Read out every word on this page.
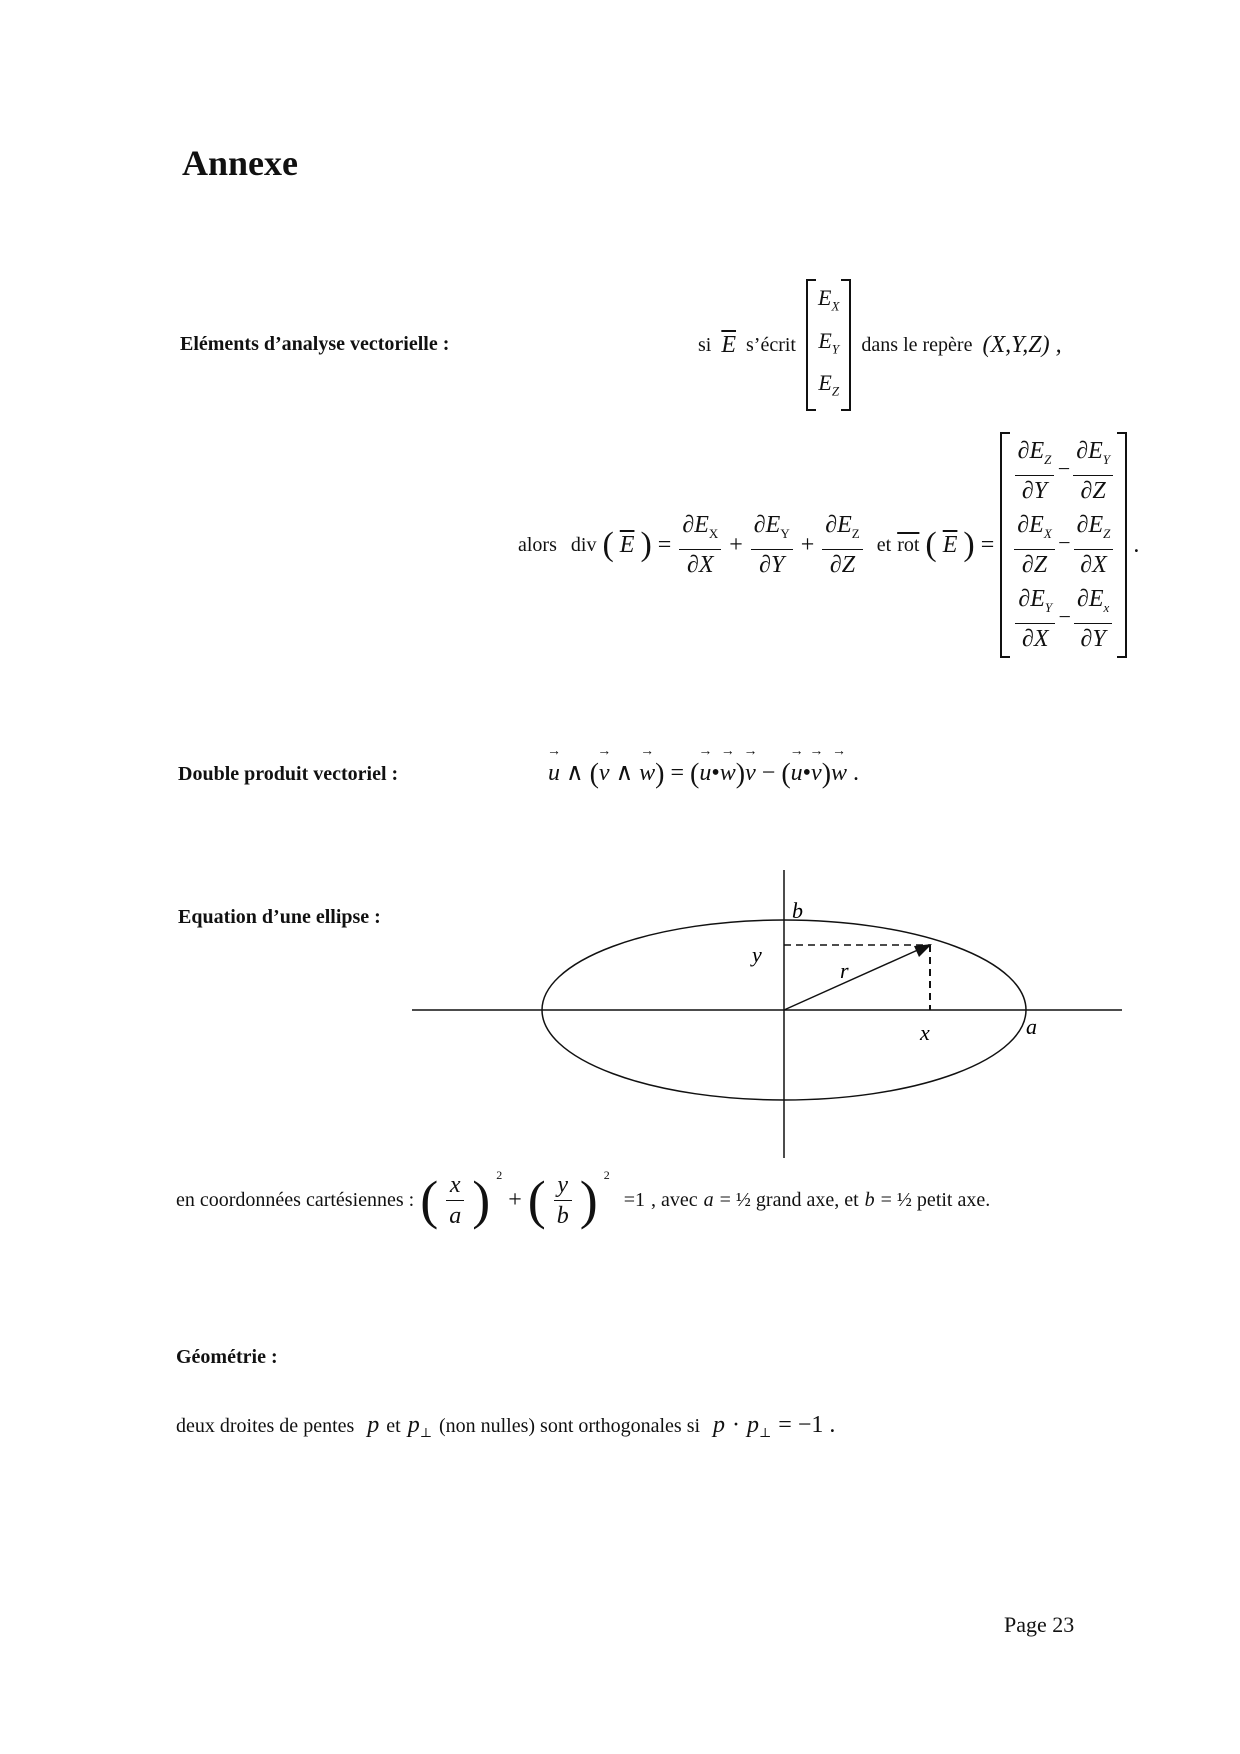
Annexe
Eléments d’analyse vectorielle :	si $\overline{E}$ s’écrit
$E_X$
$E_Y$
$E_Z$
dans le repère (X,Y,Z) ,
alors div ( $\overline{E}$ ) = $\frac{\partial E_X}{\partial X} + \frac{\partial E_Y}{\partial Y} + \frac{\partial E_Z}{\partial Z}$ et $\overline{rot}$ ( $\overline{E}$ ) =
$\frac{\partial E_Z}{\partial Y} - \frac{\partial E_Y}{\partial Z}$
$\frac{\partial E_X}{\partial Z} - \frac{\partial E_Z}{\partial X}$
$\frac{\partial E_Y}{\partial X} - \frac{\partial E_x}{\partial Y}$
.
Double produit vectoriel :	→ u ∧ (→ v ∧ → w) = (→ u•→ w)→ v − (→ u•→ v)→ w .
Equation d’une ellipse :	b
y
r
x	a
en coordonnées cartésiennes : ( $\frac{x}{a}$ ) $^2$
+ ( $\frac{y}{b}$ ) $^2$
=1 , avec a = ½ grand axe, et b = ½ petit axe.
Géométrie :
deux droites de pentes p et $p_\perp$ (non nulles) sont orthogonales si $p \cdot p_\perp = -1$ .
Page 23
